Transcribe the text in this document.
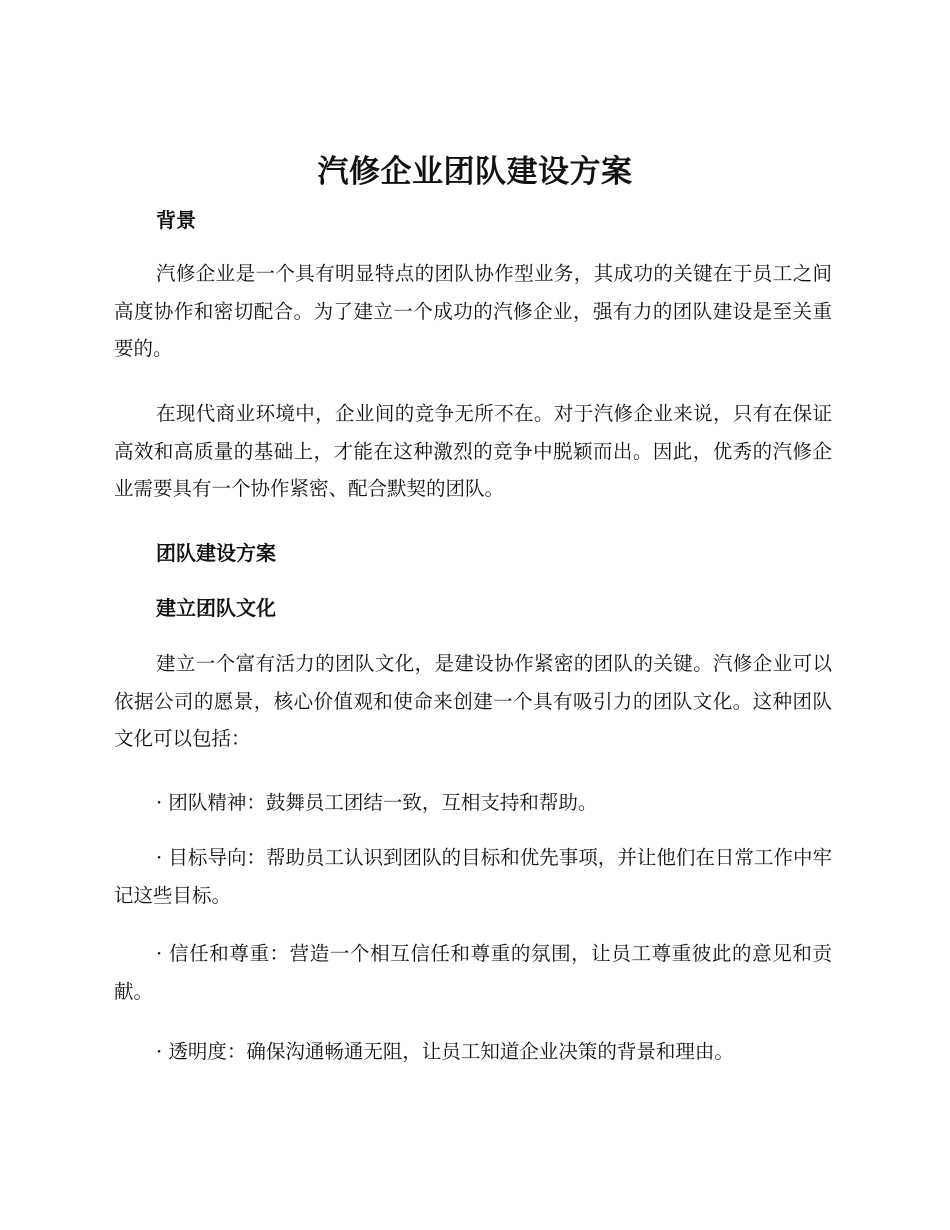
汽修企业团队建设方案
背景

汽修企业是一个具有明显特点的团队协作型业务，其成功的关键在于员工之间高度协作和密切配合。为了建立一个成功的汽修企业，强有力的团队建设是至关重要的。

在现代商业环境中，企业间的竞争无所不在。对于汽修企业来说，只有在保证高效和高质量的基础上，才能在这种激烈的竞争中脱颖而出。因此，优秀的汽修企业需要具有一个协作紧密、配合默契的团队。

团队建设方案
建立团队文化

建立一个富有活力的团队文化，是建设协作紧密的团队的关键。汽修企业可以依据公司的愿景，核心价值观和使命来创建一个具有吸引力的团队文化。这种团队文化可以包括：

· 团队精神：鼓舞员工团结一致，互相支持和帮助。

· 目标导向：帮助员工认识到团队的目标和优先事项，并让他们在日常工作中牢记这些目标。

· 信任和尊重：营造一个相互信任和尊重的氛围，让员工尊重彼此的意见和贡献。

· 透明度：确保沟通畅通无阻，让员工知道企业决策的背景和理由。
